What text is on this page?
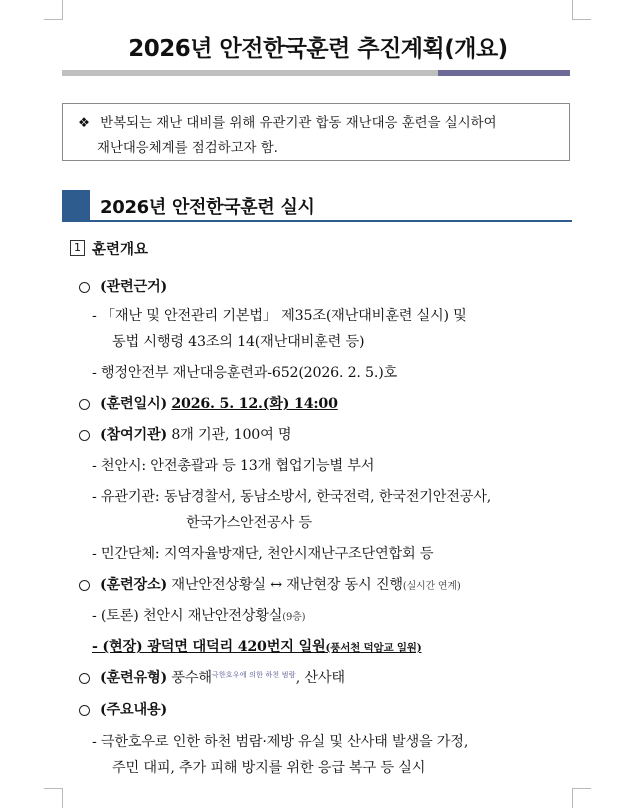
2026년 안전한국훈련 추진계획(개요)
❖ 반복되는 재난 대비를 위해 유관기관 합동 재난대응 훈련을 실시하여
재난대응체계를 점검하고자 함.
2026년 안전한국훈련 실시
1 훈련개요
(관련근거)
- 「재난 및 안전관리 기본법」 제35조(재난대비훈련 실시) 및
동법 시행령 43조의 14(재난대비훈련 등)
- 행정안전부 재난대응훈련과-652(2026. 2. 5.)호
(훈련일시) 2026. 5. 12.(화) 14:00
(참여기관) 8개 기관, 100여 명
- 천안시: 안전총괄과 등 13개 협업기능별 부서
- 유관기관: 동남경찰서, 동남소방서, 한국전력, 한국전기안전공사,
한국가스안전공사 등
- 민간단체: 지역자율방재단, 천안시재난구조단연합회 등
(훈련장소) 재난안전상황실 ↔ 재난현장 동시 진행(실시간 연계)
- (토론) 천안시 재난안전상황실(9층)
- (현장) 광덕면 대덕리 420번지 일원(풍서천 덕암교 일원)
(훈련유형) 풍수해$^{극한호우에 의한 하천 범람}$, 산사태
(주요내용)
- 극한호우로 인한 하천 범람·제방 유실 및 산사태 발생을 가정,
주민 대피, 추가 피해 방지를 위한 응급 복구 등 실시
